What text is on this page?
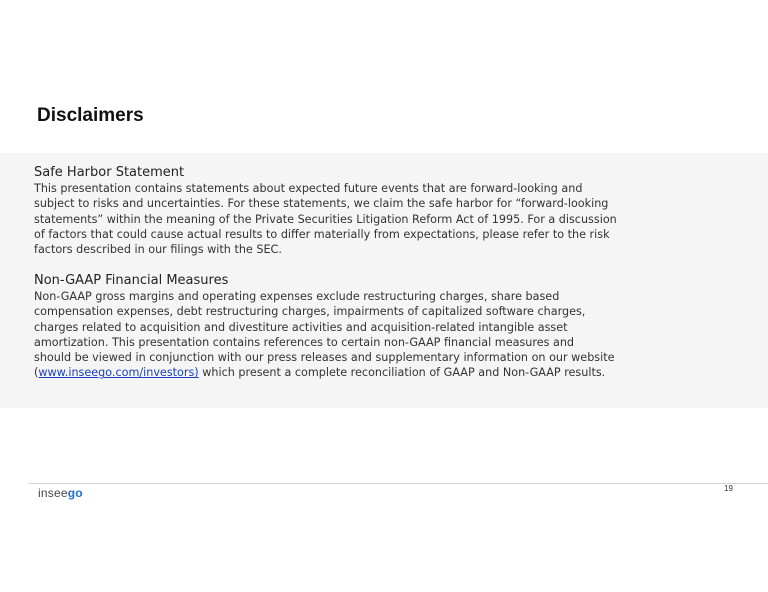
Disclaimers
Safe Harbor Statement

This presentation contains statements about expected future events that are forward-looking and
subject to risks and uncertainties. For these statements, we claim the safe harbor for “forward-looking
statements” within the meaning of the Private Securities Litigation Reform Act of 1995. For a discussion
of factors that could cause actual results to differ materially from expectations, please refer to the risk
factors described in our filings with the SEC.

Non-GAAP Financial Measures

Non-GAAP gross margins and operating expenses exclude restructuring charges, share based
compensation expenses, debt restructuring charges, impairments of capitalized software charges,
charges related to acquisition and divestiture activities and acquisition-related intangible asset
amortization. This presentation contains references to certain non-GAAP financial measures and
should be viewed in conjunction with our press releases and supplementary information on our website
(www.inseego.com/investors) which present a complete reconciliation of GAAP and Non-GAAP results.

inseego	19
